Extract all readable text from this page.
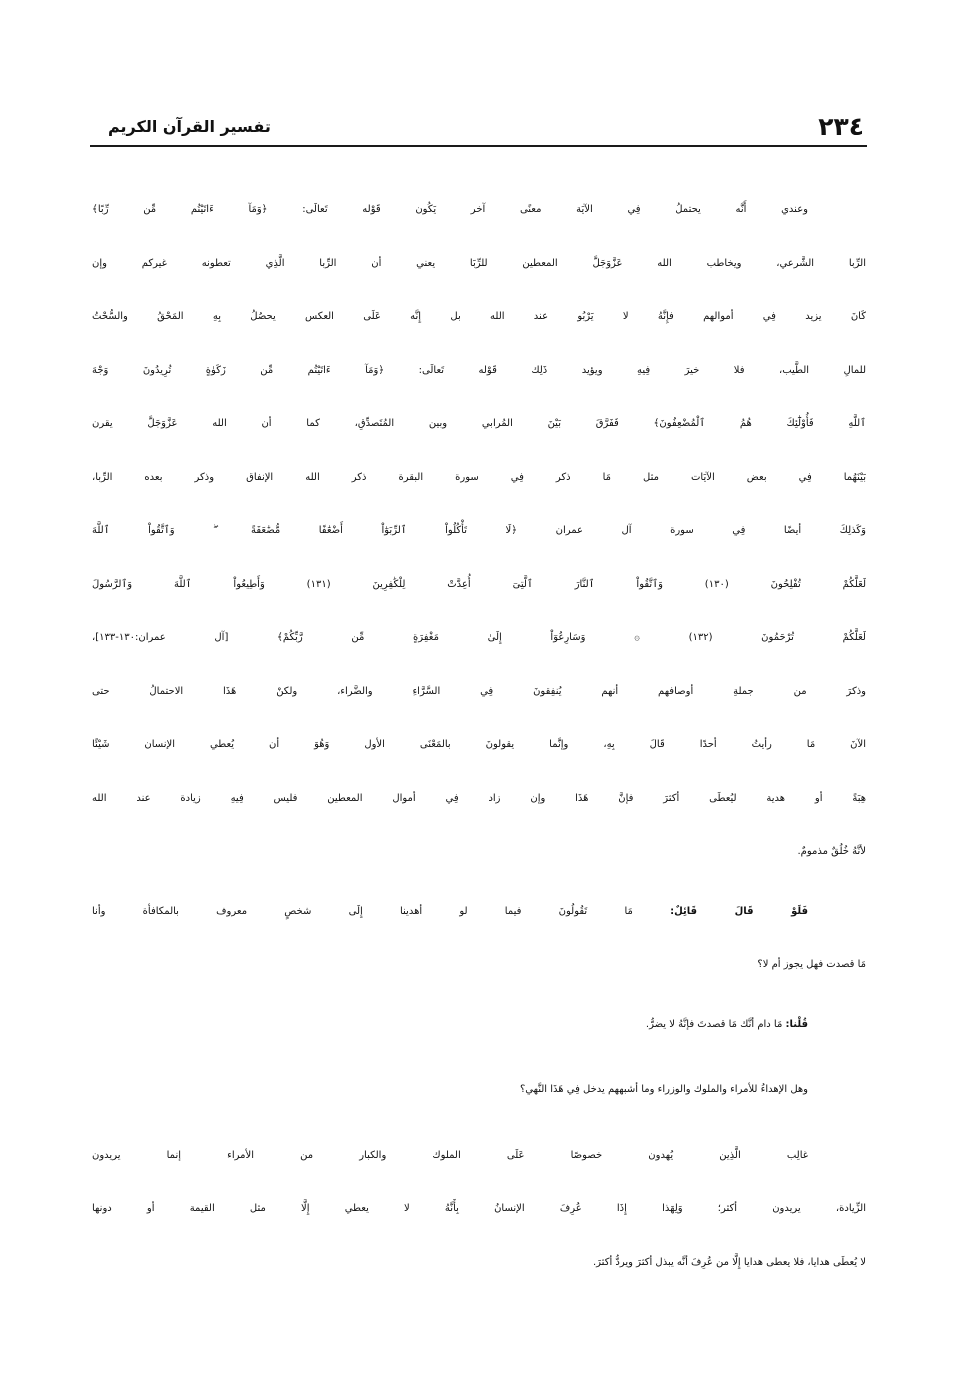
تفسير القرآن الكريم	٢٣٤
وعندي أَنَّه يحتملُ فِي الآيَة معنًى آخر يَكُون قَوْله تَعالَى: ﴿وَمَآ ءَاتَيْتُم مِّن رِّبًا﴾
الرِّبا الشَّرعي، ويخاطب الله عَزَّوَجَلَّ المعطين للرِّبَا يعني أن الرِّبا الَّذِي تعطونه غيركم وإن
كَانَ يزيد فِي أموالهم فإِنَّهُ لا يَرْبُو عند الله بل إِنَّه عَلَى العكس يحصُلُ بِهِ المَحْقُ والسُّحْتُ
للمالِ الطَّيب، فلا خيرَ فِيهِ ويؤيد ذَلِك قَوْله تَعالَى: ﴿وَمَآ ءَاتَيْتُم مِّن زَكَوٰةٍ تُرِيدُونَ وَجْهَ
ٱللَّهِ فَأُوْلَٰٓئِكَ هُمُ ٱلْمُضْعِفُونَ﴾ فَفَرَّقَ بَيْنَ المُرابي وبين المُتَصدِّقِ، كما أن الله عَزَّوَجَلَّ يقرن
بَيْنَهُما فِي بعض الآيَات مثل مَا ذكر فِي سورة البقرة ذكر الله الإنفاق وذكر بعده الرِّبا،
وَكَذلِكَ أيضًا فِي سورة آل عمران ﴿لَا تَأْكُلُواْ ٱلرِّبَوٰٓاْ أَضْعَٰفًا مُّضَٰعَفَةً ۖ وَٱتَّقُواْ ٱللَّهَ
لَعَلَّكُمْ تُفْلِحُونَ (١٣٠) وَٱتَّقُواْ ٱلنَّارَ ٱلَّتِىٓ أُعِدَّتْ لِلْكَٰفِرِينَ (١٣١) وَأَطِيعُواْ ٱللَّهَ وَٱلرَّسُولَ
لَعَلَّكُمْ تُرْحَمُونَ (١٣٢) ۞ وَسَارِعُوٓاْ إِلَىٰ مَغْفِرَةٍ مِّن رَّبِّكُمْ﴾ [آل عمران:١٣٠-١٣٣]،
وذكرَ من جملةِ أوصافهم أنهم يُنفِقونَ فِي السَّرَّاءِ والضَّراء، ولكنْ هَذَا الاحتمالُ حتى
الآنَ مَا رأيتُ أحدًا قَالَ بِهِ، وإنَّما يقولونَ بالمَعْنَى الأول وَهُوَ أن يُعطي الإنسان شَيْئًا
هِبَةً أو هدية ليُعطَى أكثرَ فإنَّ هَذَا وإن زاد فِي أموال المعطين فليس فِيهِ زيادة عند الله
لأنَّهُ خُلُقٌ مذمومٌ.
فَلَوْ قَالَ قَائِلٌ: مَا تَقُولُونَ فيما لو أهدينا إِلَى شخصٍ معروف بالمكافأة وأنا
مَا قصدت فهل يجوز أم لا؟
قُلْنا: مَا دام أنَّك مَا قصدتَ فإنَّهُ لا يضرُّ.
وهل الإهداءُ للأمراء والملوك والوزراء وما أشبههم يدخل فِي هَذَا النَّهي؟
غالِب الَّذِين يُهدون خصوصًا عَلَى الملوك والكبار من الأمراء إنما يريدون
الزِّيادة، يريدون أكثر؛ وَلِهَذا إِذَا عُرِفَ الإنسانُ بِأَنَّهُ لا يعطي إِلَّا مثل القيمة أو دونها
لا يُعطَى هدايا، فلا يعطى هدايا إِلَّا من عُرِفَ أنَّه يبذل أكثرَ ويردُّ أكثرَ.
